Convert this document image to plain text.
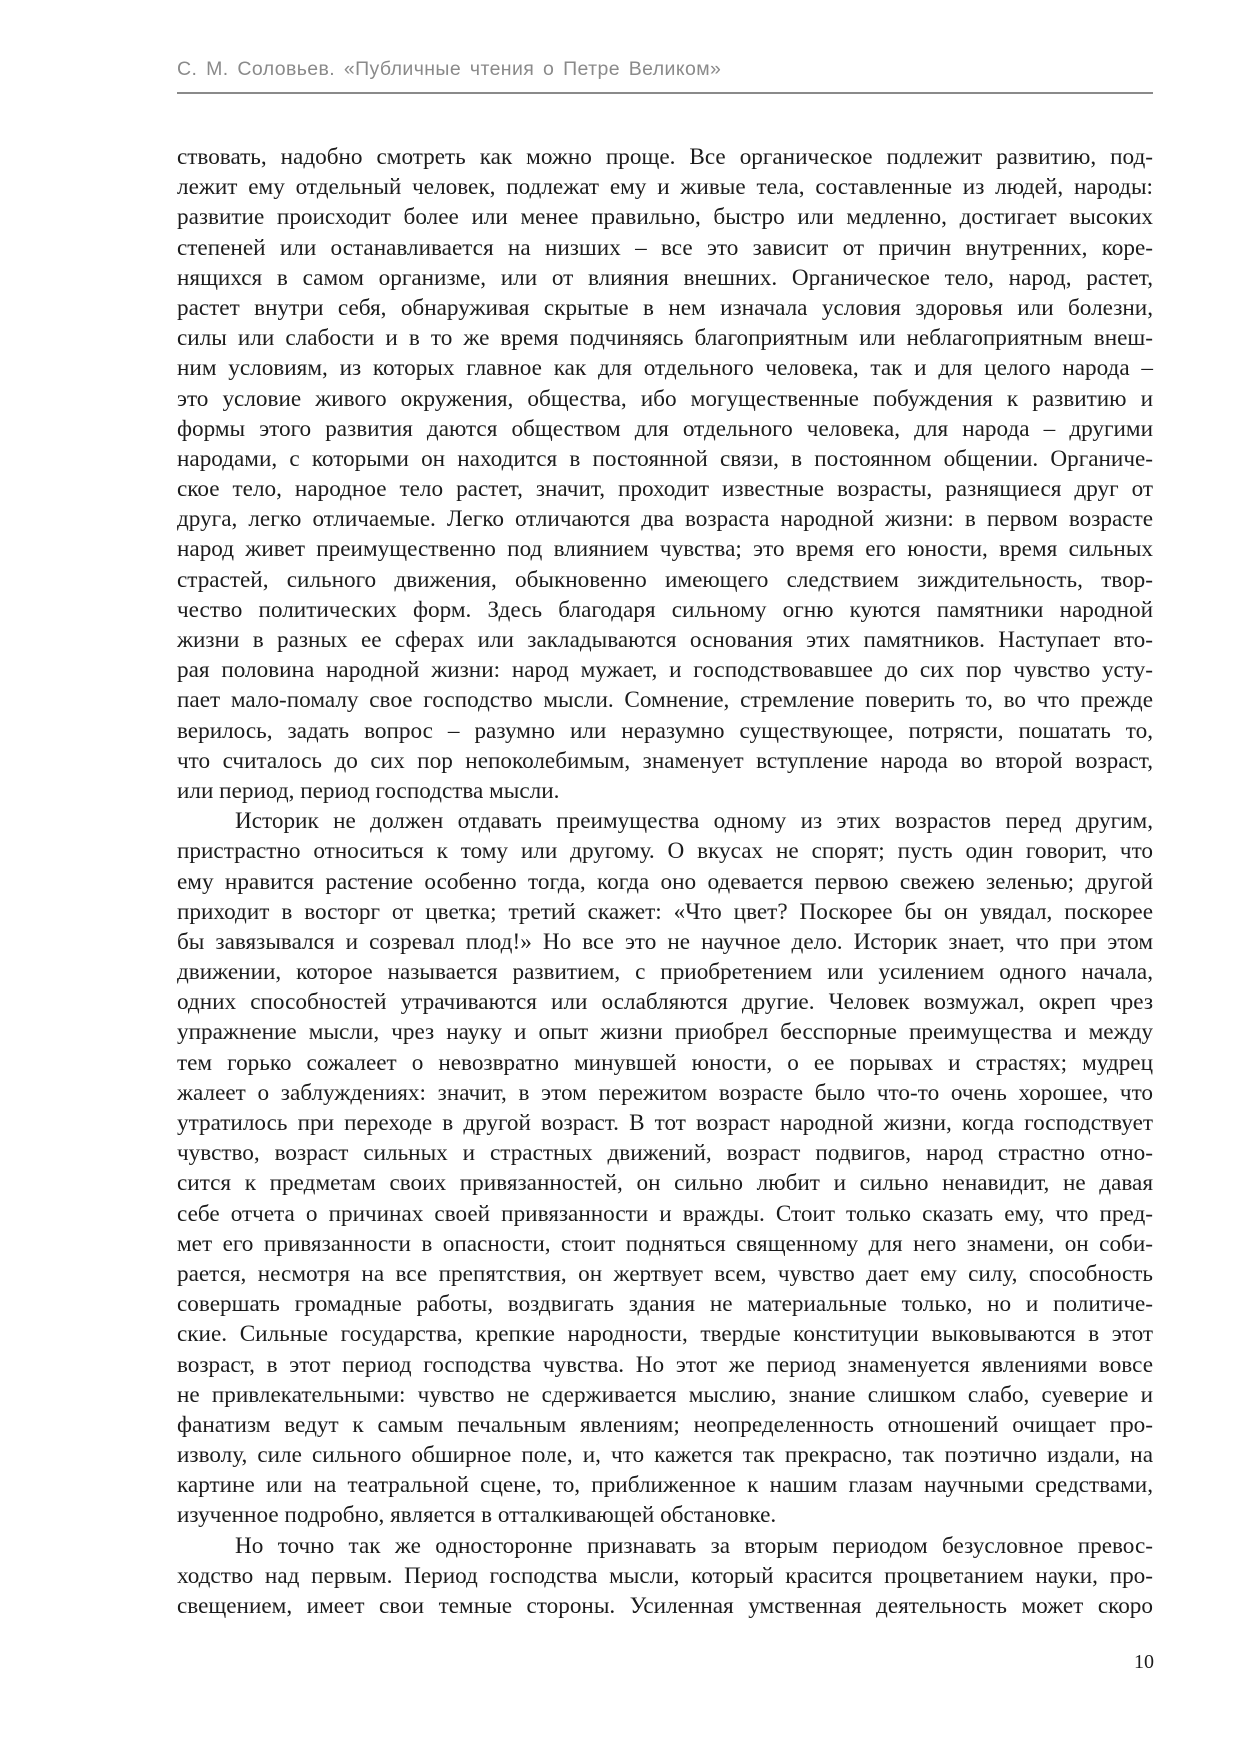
С. М. Соловьев. «Публичные чтения о Петре Великом»

ствовать, надобно смотреть как можно проще. Все органическое подлежит развитию, под-
лежит ему отдельный человек, подлежат ему и живые тела, составленные из людей, народы:
развитие происходит более или менее правильно, быстро или медленно, достигает высоких
степеней или останавливается на низших – все это зависит от причин внутренних, коре-
нящихся в самом организме, или от влияния внешних. Органическое тело, народ, растет,
растет внутри себя, обнаруживая скрытые в нем изначала условия здоровья или болезни,
силы или слабости и в то же время подчиняясь благоприятным или неблагоприятным внеш-
ним условиям, из которых главное как для отдельного человека, так и для целого народа –
это условие живого окружения, общества, ибо могущественные побуждения к развитию и
формы этого развития даются обществом для отдельного человека, для народа – другими
народами, с которыми он находится в постоянной связи, в постоянном общении. Органиче-
ское тело, народное тело растет, значит, проходит известные возрасты, разнящиеся друг от
друга, легко отличаемые. Легко отличаются два возраста народной жизни: в первом возрасте
народ живет преимущественно под влиянием чувства; это время его юности, время сильных
страстей, сильного движения, обыкновенно имеющего следствием зиждительность, твор-
чество политических форм. Здесь благодаря сильному огню куются памятники народной
жизни в разных ее сферах или закладываются основания этих памятников. Наступает вто-
рая половина народной жизни: народ мужает, и господствовавшее до сих пор чувство усту-
пает мало-помалу свое господство мысли. Сомнение, стремление поверить то, во что прежде
верилось, задать вопрос – разумно или неразумно существующее, потрясти, пошатать то,
что считалось до сих пор непоколебимым, знаменует вступление народа во второй возраст,
или период, период господства мысли.

Историк не должен отдавать преимущества одному из этих возрастов перед другим,
пристрастно относиться к тому или другому. О вкусах не спорят; пусть один говорит, что
ему нравится растение особенно тогда, когда оно одевается первою свежею зеленью; другой
приходит в восторг от цветка; третий скажет: «Что цвет? Поскорее бы он увядал, поскорее
бы завязывался и созревал плод!» Но все это не научное дело. Историк знает, что при этом
движении, которое называется развитием, с приобретением или усилением одного начала,
одних способностей утрачиваются или ослабляются другие. Человек возмужал, окреп чрез
упражнение мысли, чрез науку и опыт жизни приобрел бесспорные преимущества и между
тем горько сожалеет о невозвратно минувшей юности, о ее порывах и страстях; мудрец
жалеет о заблуждениях: значит, в этом пережитом возрасте было что-то очень хорошее, что
утратилось при переходе в другой возраст. В тот возраст народной жизни, когда господствует
чувство, возраст сильных и страстных движений, возраст подвигов, народ страстно отно-
сится к предметам своих привязанностей, он сильно любит и сильно ненавидит, не давая
себе отчета о причинах своей привязанности и вражды. Стоит только сказать ему, что пред-
мет его привязанности в опасности, стоит подняться священному для него знамени, он соби-
рается, несмотря на все препятствия, он жертвует всем, чувство дает ему силу, способность
совершать громадные работы, воздвигать здания не материальные только, но и политиче-
ские. Сильные государства, крепкие народности, твердые конституции выковываются в этот
возраст, в этот период господства чувства. Но этот же период знаменуется явлениями вовсе
не привлекательными: чувство не сдерживается мыслию, знание слишком слабо, суеверие и
фанатизм ведут к самым печальным явлениям; неопределенность отношений очищает про-
изволу, силе сильного обширное поле, и, что кажется так прекрасно, так поэтично издали, на
картине или на театральной сцене, то, приближенное к нашим глазам научными средствами,
изученное подробно, является в отталкивающей обстановке.

Но точно так же односторонне признавать за вторым периодом безусловное превос-
ходство над первым. Период господства мысли, который красится процветанием науки, про-
свещением, имеет свои темные стороны. Усиленная умственная деятельность может скоро

10
